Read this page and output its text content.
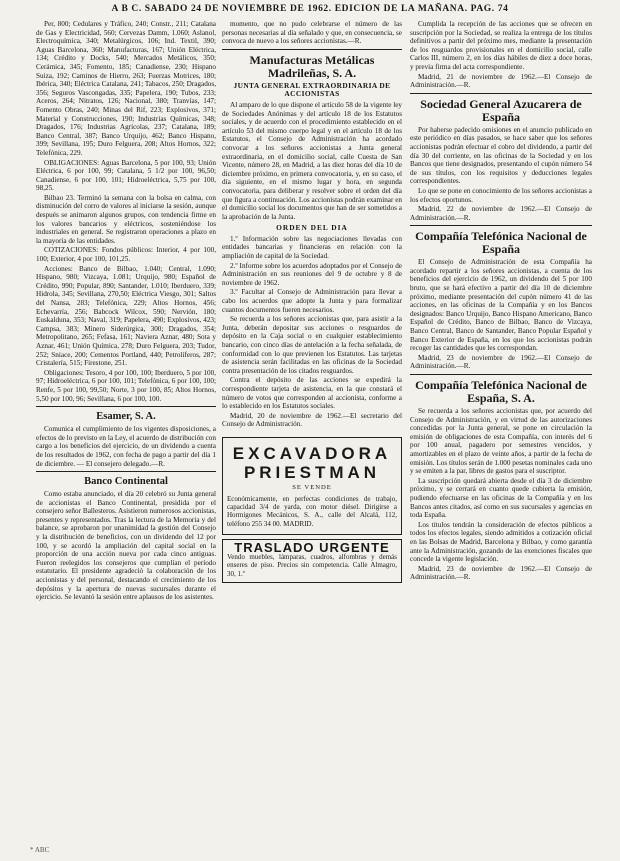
A B C. SABADO 24 DE NOVIEMBRE DE 1962. EDICION DE LA MAÑANA. PAG. 74

Per, 800; Cedulares y Tráfico, 240; Constr., 211; Catalana de Gas y Electricidad, 560; Cervezas Damm, 1.060; Aslanol, Electroquímica, 340; Metalúrgicos, 106; Ind. Textil, 390; Aguas Barcelona, 360; Manufacturas, 167; Unión Eléctrica, 134; Crédito y Docks, 540; Mercados Metálicos, 350; Cerámica, 345; Fomento, 185; Canadiense, 230; Hispano Suiza, 192; Caminos de Hierro, 263; Fuerzas Motrices, 180; Ibérica, 340; Eléctrica Catalana, 241; Tabacos, 250; Dragados, 356; Seguros Vascongadas, 335; Papelera, 190; Tubos, 233; Aceros, 264; Nitratos, 126; Nacional, 380; Tranvías, 147; Fomento Obras, 240; Minas del Rif, 223; Explosivos, 371; Material y Construcciones, 190; Industrias Químicas, 348; Dragados, 176; Industrias Agrícolas, 237; Catalana, 189; Banco Central, 387; Banco Urquijo, 462; Banco Hispano, 399; Sevillana, 195; Duro Felguera, 208; Altos Hornos, 322; Telefónica, 229.

OBLIGACIONES: Aguas Barcelona, 5 por 100, 93; Unión Eléctrica, 6 por 100, 99; Catalana, 5 1/2 por 100, 96,50; Canadiense, 6 por 100, 101; Hidroeléctrica, 5,75 por 100, 98,25.

Bilbao 23. Terminó la semana con la bolsa en calma, con disminución del corro de valores al iniciarse la sesión, aunque después se animaron algunos grupos, con tendencia firme en los valores bancarios y eléctricos, sosteniéndose los industriales en general. Se registraron operaciones a plazo en la mayoría de las entidades.

COTIZACIONES: Fondos públicos: Interior, 4 por 100, 100; Exterior, 4 por 100, 101,25.

Acciones: Banco de Bilbao, 1.040; Central, 1.090; Hispano, 980; Vizcaya, 1.081; Urquijo, 980; Español de Crédito, 990; Popular, 890; Santander, 1.010; Iberduero, 339; Hidrola, 345; Sevillana, 270,50; Eléctrica Viesgo, 301; Saltos del Nansa, 283; Telefónica, 229; Altos Hornos, 456; Echevarría, 256; Babcock Wilcox, 590; Nervión, 180; Euskalduna, 353; Naval, 319; Papelera, 490; Explosivos, 423; Campsa, 383; Minero Siderúrgica, 300; Dragados, 354; Metropolitano, 265; Fefasa, 161; Naviera Aznar, 480; Sota y Aznar, 461; Unión Química, 278; Duro Felguera, 203; Tudor, 252; Sniace, 200; Cementos Portland, 440; Petrolíferos, 287; Cristalería, 515; Firestone, 251.

Obligaciones: Tesoro, 4 por 100, 100; Iberduero, 5 por 100, 97; Hidroeléctrica, 6 por 100, 101; Telefónica, 6 por 100, 100; Renfe, 5 por 100, 99,50; Norte, 3 por 100, 85; Altos Hornos, 5,50 por 100, 96; Sevillana, 6 por 100, 100.

Esamer, S. A.

Comunica el cumplimiento de los vigentes disposiciones, a efectos de lo previsto en la Ley, el acuerdo de distribución con cargo a los beneficios del ejercicio, de un dividendo a cuenta de los resultados de 1962, con fecha de pago a partir del día 1 de diciembre. — El consejero delegado.—R.

Banco Continental

Como estaba anunciado, el día 20 celebró su Junta general de accionistas el Banco Continental, presidida por el consejero señor Ballesteros. Asistieron numerosos accionistas, presentes y representados. Tras la lectura de la Memoria y del balance, se aprobaron por unanimidad la gestión del Consejo y la distribución de beneficios, con un dividendo del 12 por 100, y se acordó la ampliación del capital social en la proporción de una acción nueva por cada cinco antiguas. Fueron reelegidos los consejeros que cumplían el período estatutario. El presidente agradeció la colaboración de los accionistas y del personal, destacando el crecimiento de los depósitos y la apertura de nuevas sucursales durante el ejercicio. Se levantó la sesión entre aplausos de los asistentes.

momento, que no pudo celebrarse el número de las personas necesarias al día señalado y que, en consecuencia, se convoca de nuevo a los señores accionistas.—R.

Manufacturas Metálicas Madrileñas, S. A.
JUNTA GENERAL EXTRAORDINARIA DE ACCIONISTAS

Al amparo de lo que dispone el artículo 58 de la vigente ley de Sociedades Anónimas y del artículo 18 de los Estatutos sociales, y de acuerdo con el procedimiento establecido en el artículo 53 del mismo cuerpo legal y en el artículo 18 de los Estatutos, el Consejo de Administración ha acordado convocar a los señores accionistas a Junta general extraordinaria, en el domicilio social, calle Cuesta de San Vicente, número 28, en Madrid, a las diez horas del día 10 de diciembre próximo, en primera convocatoria, y, en su caso, el día siguiente, en el mismo lugar y hora, en segunda convocatoria, para deliberar y resolver sobre el orden del día que figura a continuación. Los accionistas podrán examinar en el domicilio social los documentos que han de ser sometidos a la aprobación de la Junta.

ORDEN DEL DIA

1.º Información sobre las negociaciones llevadas con entidades bancarias y financieras en relación con la ampliación de capital de la Sociedad.

2.º Informe sobre los acuerdos adoptados por el Consejo de Administración en sus reuniones del 9 de octubre y 8 de noviembre de 1962.

3.º Facultar al Consejo de Administración para llevar a cabo los acuerdos que adopte la Junta y para formalizar cuantos documentos fueren necesarios.

Se recuerda a los señores accionistas que, para asistir a la Junta, deberán depositar sus acciones o resguardos de depósito en la Caja social o en cualquier establecimiento bancario, con cinco días de antelación a la fecha señalada, de conformidad con lo que previenen los Estatutos. Las tarjetas de asistencia serán facilitadas en las oficinas de la Sociedad contra presentación de los citados resguardos.

Contra el depósito de las acciones se expedirá la correspondiente tarjeta de asistencia, en la que constará el número de votos que corresponden al accionista, conforme a lo establecido en los Estatutos sociales.

Madrid, 20 de noviembre de 1962.—El secretario del Consejo de Administración.

EXCAVADORA
PRIESTMAN
SE VENDE
Económicamente, en perfectas condiciones de trabajo, capacidad 3/4 de yarda, con motor diésel. Dirigirse a Hormigones Mecánicos, S. A., calle del Alcalá, 112, teléfono 255 34 00. MADRID.
TRASLADO URGENTE
Vendo muebles, lámparas, cuadros, alfombras y demás enseres de piso. Precios sin competencia. Calle Almagro, 30, 1.º

Cumplida la recepción de las acciones que se ofrecen en suscripción por la Sociedad, se realiza la entrega de los títulos definitivos a partir del próximo mes, mediante la presentación de los resguardos provisionales en el domicilio social, calle Carlos III, número 2, en los días hábiles de diez a doce horas, y previa firma del acta correspondiente.

Madrid, 21 de noviembre de 1962.—El Consejo de Administración.—R.

Sociedad General Azucarera de España

Por haberse padecido omisiones en el anuncio publicado en este periódico en días pasados, se hace saber que los señores accionistas podrán efectuar el cobro del dividendo, a partir del día 30 del corriente, en las oficinas de la Sociedad y en los Bancos que tiene designados, presentando el cupón número 54 de sus títulos, con los requisitos y deducciones legales correspondientes.

Lo que se pone en conocimiento de los señores accionistas a los efectos oportunos.

Madrid, 22 de noviembre de 1962.—El Consejo de Administración.—R.

Compañía Telefónica Nacional de España

El Consejo de Administración de esta Compañía ha acordado repartir a los señores accionistas, a cuenta de los beneficios del ejercicio de 1962, un dividendo del 5 por 100 bruto, que se hará efectivo a partir del día 10 de diciembre próximo, mediante presentación del cupón número 41 de las acciones, en las oficinas de la Compañía y en los Bancos designados: Banco Urquijo, Banco Hispano Americano, Banco Español de Crédito, Banco de Bilbao, Banco de Vizcaya, Banco Central, Banco de Santander, Banco Popular Español y Banco Exterior de España, en los que los accionistas podrán recoger las cantidades que les correspondan.

Madrid, 23 de noviembre de 1962.—El Consejo de Administración.—R.

Compañía Telefónica Nacional de España, S. A.

Se recuerda a los señores accionistas que, por acuerdo del Consejo de Administración, y en virtud de las autorizaciones concedidas por la Junta general, se pone en circulación la emisión de obligaciones de esta Compañía, con interés del 6 por 100 anual, pagadero por semestres vencidos, y amortizables en el plazo de veinte años, a partir de la fecha de emisión. Los títulos serán de 1.000 pesetas nominales cada uno y se emiten a la par, libres de gastos para el suscriptor.

La suscripción quedará abierta desde el día 3 de diciembre próximo, y se cerrará en cuanto quede cubierta la emisión, pudiendo efectuarse en las oficinas de la Compañía y en los Bancos antes citados, así como en sus sucursales y agencias en toda España.

Los títulos tendrán la consideración de efectos públicos a todos los efectos legales, siendo admitidos a cotización oficial en las Bolsas de Madrid, Barcelona y Bilbao, y como garantía ante la Administración, gozando de las exenciones fiscales que concede la vigente legislación.

Madrid, 23 de noviembre de 1962.—El Consejo de Administración.—R.

* ABC
